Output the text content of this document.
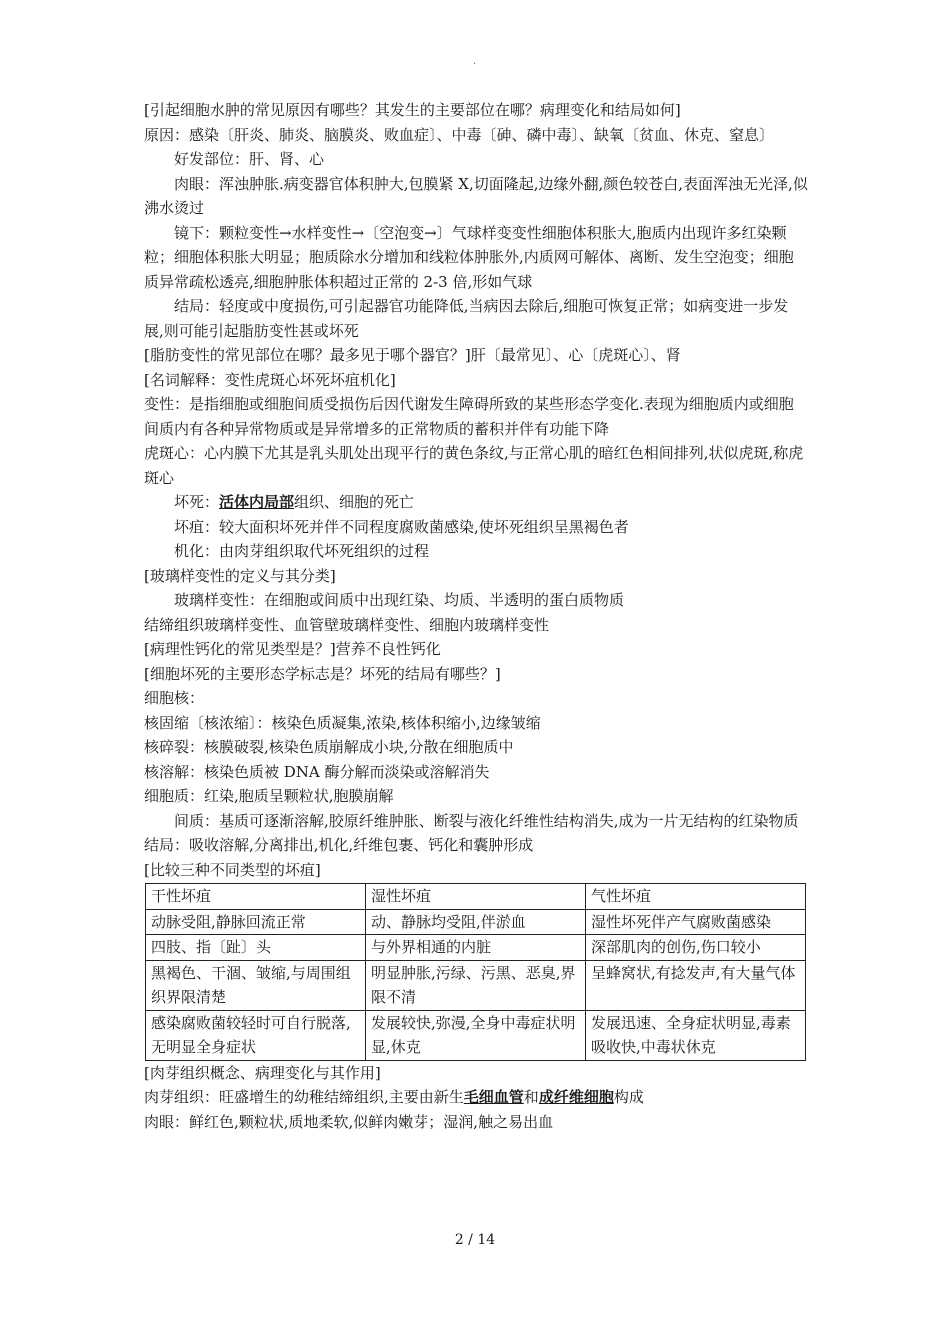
.

[引起细胞水肿的常见原因有哪些？其发生的主要部位在哪？病理变化和结局如何]

原因：感染〔肝炎、肺炎、脑膜炎、败血症〕、中毒〔砷、磷中毒〕、缺氧〔贫血、休克、窒息〕

好发部位：肝、肾、心

肉眼：浑浊肿胀.病变器官体积肿大,包膜紧 X,切面隆起,边缘外翻,颜色较苍白,表面浑浊无光泽,似沸水烫过

镜下：颗粒变性→水样变性→〔空泡变→〕气球样变变性细胞体积胀大,胞质内出现许多红染颗粒；细胞体积胀大明显；胞质除水分增加和线粒体肿胀外,内质网可解体、离断、发生空泡变；细胞质异常疏松透亮,细胞肿胀体积超过正常的 2-3 倍,形如气球

结局：轻度或中度损伤,可引起器官功能降低,当病因去除后,细胞可恢复正常；如病变进一步发展,则可能引起脂肪变性甚或坏死

[脂肪变性的常见部位在哪？最多见于哪个器官？]肝〔最常见〕、心〔虎斑心〕、肾

[名词解释：变性虎斑心坏死坏疽机化]

变性：是指细胞或细胞间质受损伤后因代谢发生障碍所致的某些形态学变化.表现为细胞质内或细胞间质内有各种异常物质或是异常增多的正常物质的蓄积并伴有功能下降

虎斑心：心内膜下尤其是乳头肌处出现平行的黄色条纹,与正常心肌的暗红色相间排列,状似虎斑,称虎斑心

坏死：活体内局部组织、细胞的死亡

坏疽：较大面积坏死并伴不同程度腐败菌感染,使坏死组织呈黑褐色者

机化：由肉芽组织取代坏死组织的过程

[玻璃样变性的定义与其分类]

玻璃样变性：在细胞或间质中出现红染、均质、半透明的蛋白质物质

结缔组织玻璃样变性、血管壁玻璃样变性、细胞内玻璃样变性

[病理性钙化的常见类型是？]营养不良性钙化

[细胞坏死的主要形态学标志是？坏死的结局有哪些？]

细胞核：

核固缩〔核浓缩〕：核染色质凝集,浓染,核体积缩小,边缘皱缩

核碎裂：核膜破裂,核染色质崩解成小块,分散在细胞质中

核溶解：核染色质被 DNA 酶分解而淡染或溶解消失

细胞质：红染,胞质呈颗粒状,胞膜崩解

间质：基质可逐渐溶解,胶原纤维肿胀、断裂与液化纤维性结构消失,成为一片无结构的红染物质

结局：吸收溶解,分离排出,机化,纤维包裹、钙化和囊肿形成

[比较三种不同类型的坏疽]

干性坏疽	湿性坏疽	气性坏疽
动脉受阻,静脉回流正常	动、静脉均受阻,伴淤血	湿性坏死伴产气腐败菌感染
四肢、指〔趾〕头	与外界相通的内脏	深部肌肉的创伤,伤口较小
黑褐色、干涸、皱缩,与周围组织界限清楚	明显肿胀,污绿、污黑、恶臭,界限不清	呈蜂窝状,有捻发声,有大量气体
感染腐败菌较轻时可自行脱落,无明显全身症状	发展较快,弥漫,全身中毒症状明显,休克	发展迅速、全身症状明显,毒素吸收快,中毒状休克

[肉芽组织概念、病理变化与其作用]

肉芽组织：旺盛增生的幼稚结缔组织,主要由新生毛细血管和成纤维细胞构成

肉眼：鲜红色,颗粒状,质地柔软,似鲜肉嫩芽；湿润,触之易出血

2 / 14
